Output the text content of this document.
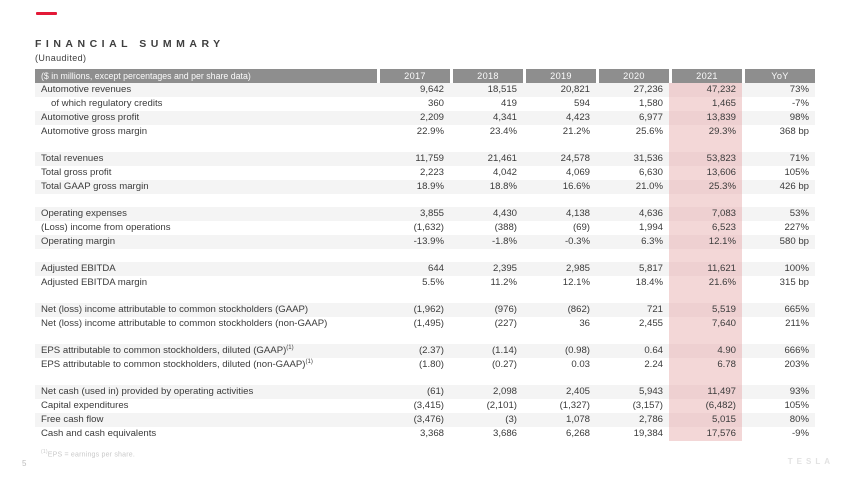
FINANCIAL SUMMARY
(Unaudited)
($ in millions, except percentages and per share data)	2017	2018	2019	2020	2021	YoY
Automotive revenues	9,642	18,515	20,821	27,236	47,232	73%
of which regulatory credits	360	419	594	1,580	1,465	-7%
Automotive gross profit	2,209	4,341	4,423	6,977	13,839	98%
Automotive gross margin	22.9%	23.4%	21.2%	25.6%	29.3%	368 bp
Total revenues	11,759	21,461	24,578	31,536	53,823	71%
Total gross profit	2,223	4,042	4,069	6,630	13,606	105%
Total GAAP gross margin	18.9%	18.8%	16.6%	21.0%	25.3%	426 bp
Operating expenses	3,855	4,430	4,138	4,636	7,083	53%
(Loss) income from operations	(1,632)	(388)	(69)	1,994	6,523	227%
Operating margin	-13.9%	-1.8%	-0.3%	6.3%	12.1%	580 bp
Adjusted EBITDA	644	2,395	2,985	5,817	11,621	100%
Adjusted EBITDA margin	5.5%	11.2%	12.1%	18.4%	21.6%	315 bp
Net (loss) income attributable to common stockholders (GAAP)	(1,962)	(976)	(862)	721	5,519	665%
Net (loss) income attributable to common stockholders (non-GAAP)	(1,495)	(227)	36	2,455	7,640	211%
EPS attributable to common stockholders, diluted (GAAP)$^{(1)}$	(2.37)	(1.14)	(0.98)	0.64	4.90	666%
EPS attributable to common stockholders, diluted (non-GAAP)$^{(1)}$	(1.80)	(0.27)	0.03	2.24	6.78	203%
Net cash (used in) provided by operating activities	(61)	2,098	2,405	5,943	11,497	93%
Capital expenditures	(3,415)	(2,101)	(1,327)	(3,157)	(6,482)	105%
Free cash flow	(3,476)	(3)	1,078	2,786	5,015	80%
Cash and cash equivalents	3,368	3,686	6,268	19,384	17,576	-9%
$^{(1)}$EPS = earnings per share.
5	TESLA
